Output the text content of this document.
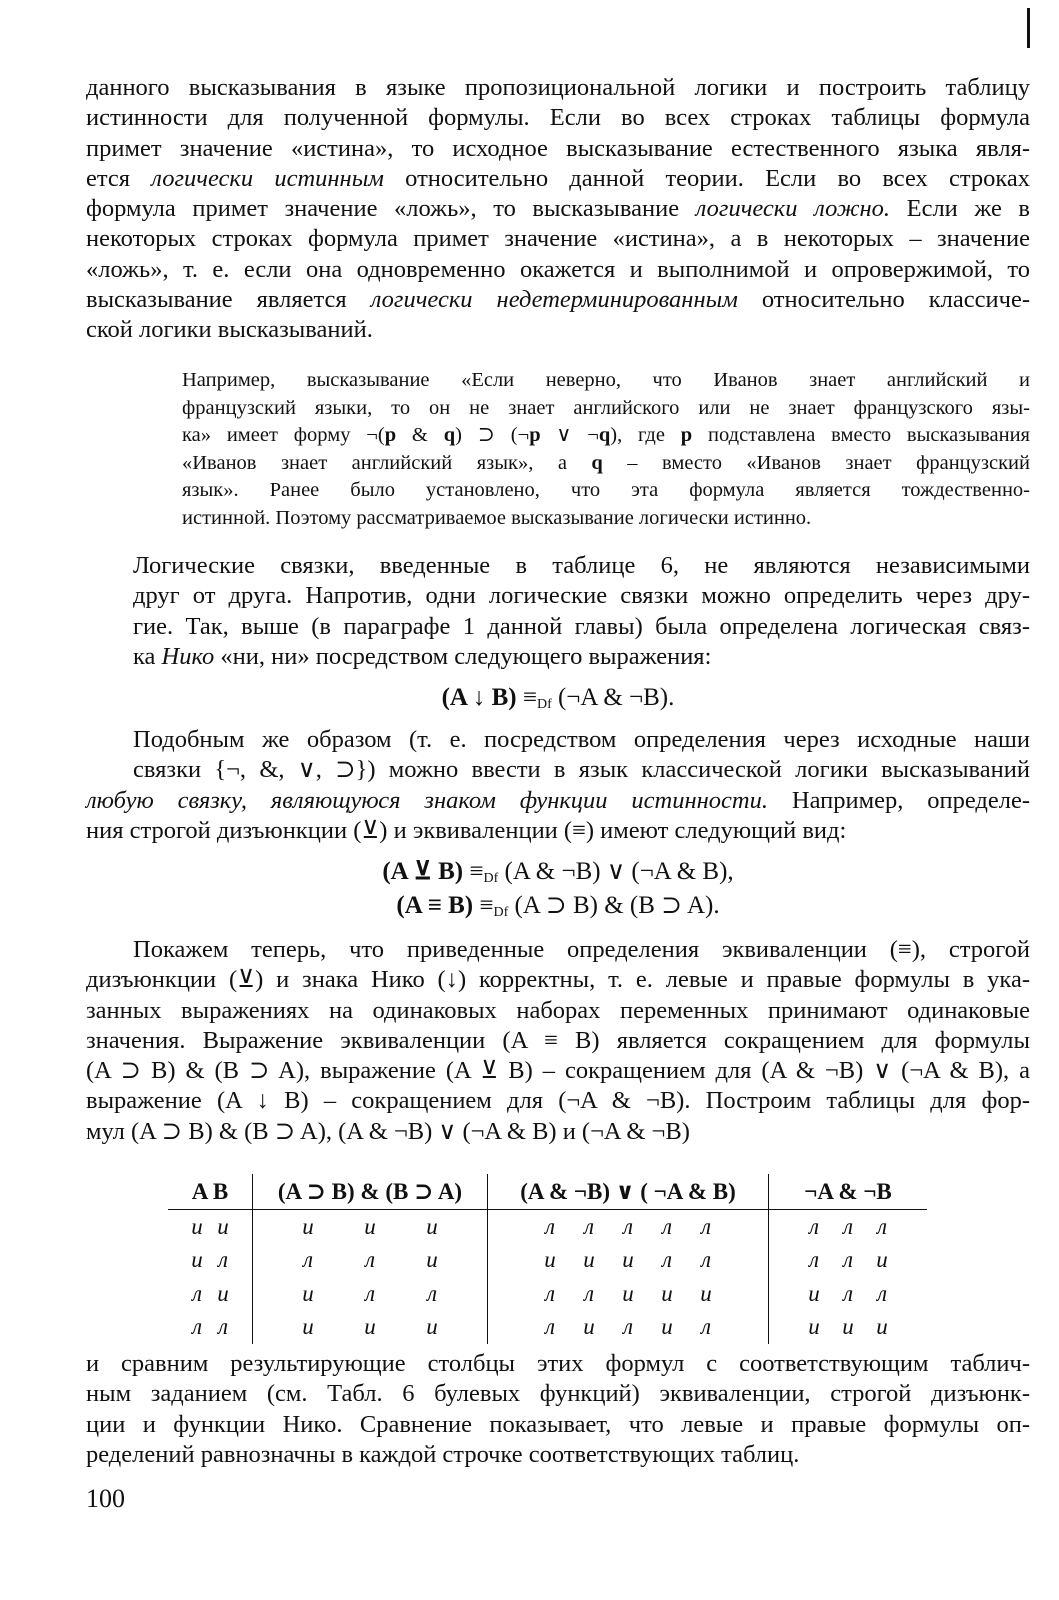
данного высказывания в языке пропозициональной логики и построить таблицу
истинности для полученной формулы. Если во всех строках таблицы формула
примет значение «истина», то исходное высказывание естественного языка явля-
ется логически истинным относительно данной теории. Если во всех строках
формула примет значение «ложь», то высказывание логически ложно. Если же в
некоторых строках формула примет значение «истина», а в некоторых – значение
«ложь», т. е. если она одновременно окажется и выполнимой и опровержимой, то
высказывание является логически недетерминированным относительно классиче-
ской логики высказываний.

Например, высказывание «Если неверно, что Иванов знает английский и
французский языки, то он не знает английского или не знает французского язы-
ка» имеет форму ¬(p & q) ⊃ (¬p ∨ ¬q), где p подставлена вместо высказывания
«Иванов знает английский язык», а q – вместо «Иванов знает французский
язык». Ранее было установлено, что эта формула является тождественно-
истинной. Поэтому рассматриваемое высказывание логически истинно.

Логические связки, введенные в таблице 6, не являются независимыми
друг от друга. Напротив, одни логические связки можно определить через дру-
гие. Так, выше (в параграфе 1 данной главы) была определена логическая связ-
ка Нико «ни, ни» посредством следующего выражения:

(A ↓ $B) \equiv_{Df}$ (¬A & ¬B).

Подобным же образом (т. е. посредством определения через исходные наши
связки {¬, &, ∨, ⊃}) можно ввести в язык классической логики высказываний
любую связку, являющуюся знаком функции истинности. Например, определе-
ния строгой дизъюнкции (⊻) и эквиваленции (≡) имеют следующий вид:

(A ⊻ $B) \equiv_{Df}$ (A & ¬B) ∨ (¬A & B),

$(A \equiv B) \equiv_{Df}$ (A ⊃ B) & (B ⊃ A).

Покажем теперь, что приведенные определения эквиваленции (≡), строгой
дизъюнкции (⊻) и знака Нико (↓) корректны, т. е. левые и правые формулы в ука-
занных выражениях на одинаковых наборах переменных принимают одинаковые
значения. Выражение эквиваленции (A ≡ B) является сокращением для формулы
(A ⊃ B) & (B ⊃ A), выражение (A ⊻ B) – сокращением для (A & ¬B) ∨ (¬A & B), а
выражение (A ↓ B) – сокращением для (¬A & ¬B). Построим таблицы для фор-
мул (A ⊃ B) & (B ⊃ A), (A & ¬B) ∨ (¬A & B) и (¬A & ¬B)

A B	(A ⊃ B) & (B ⊃ A)	(A & ¬B) ∨ ( ¬A & B)	¬A & ¬B
и и	и и и	л л л л л	л л л
и л	л л и	и и и л л	л л и
л и	и л л	л л и и и	и л л
л л	и и и	л и л и л	и и и

и сравним результирующие столбцы этих формул с соответствующим таблич-
ным заданием (см. Табл. 6 булевых функций) эквиваленции, строгой дизъюнк-
ции и функции Нико. Сравнение показывает, что левые и правые формулы оп-
ределений равнозначны в каждой строчке соответствующих таблиц.

100
